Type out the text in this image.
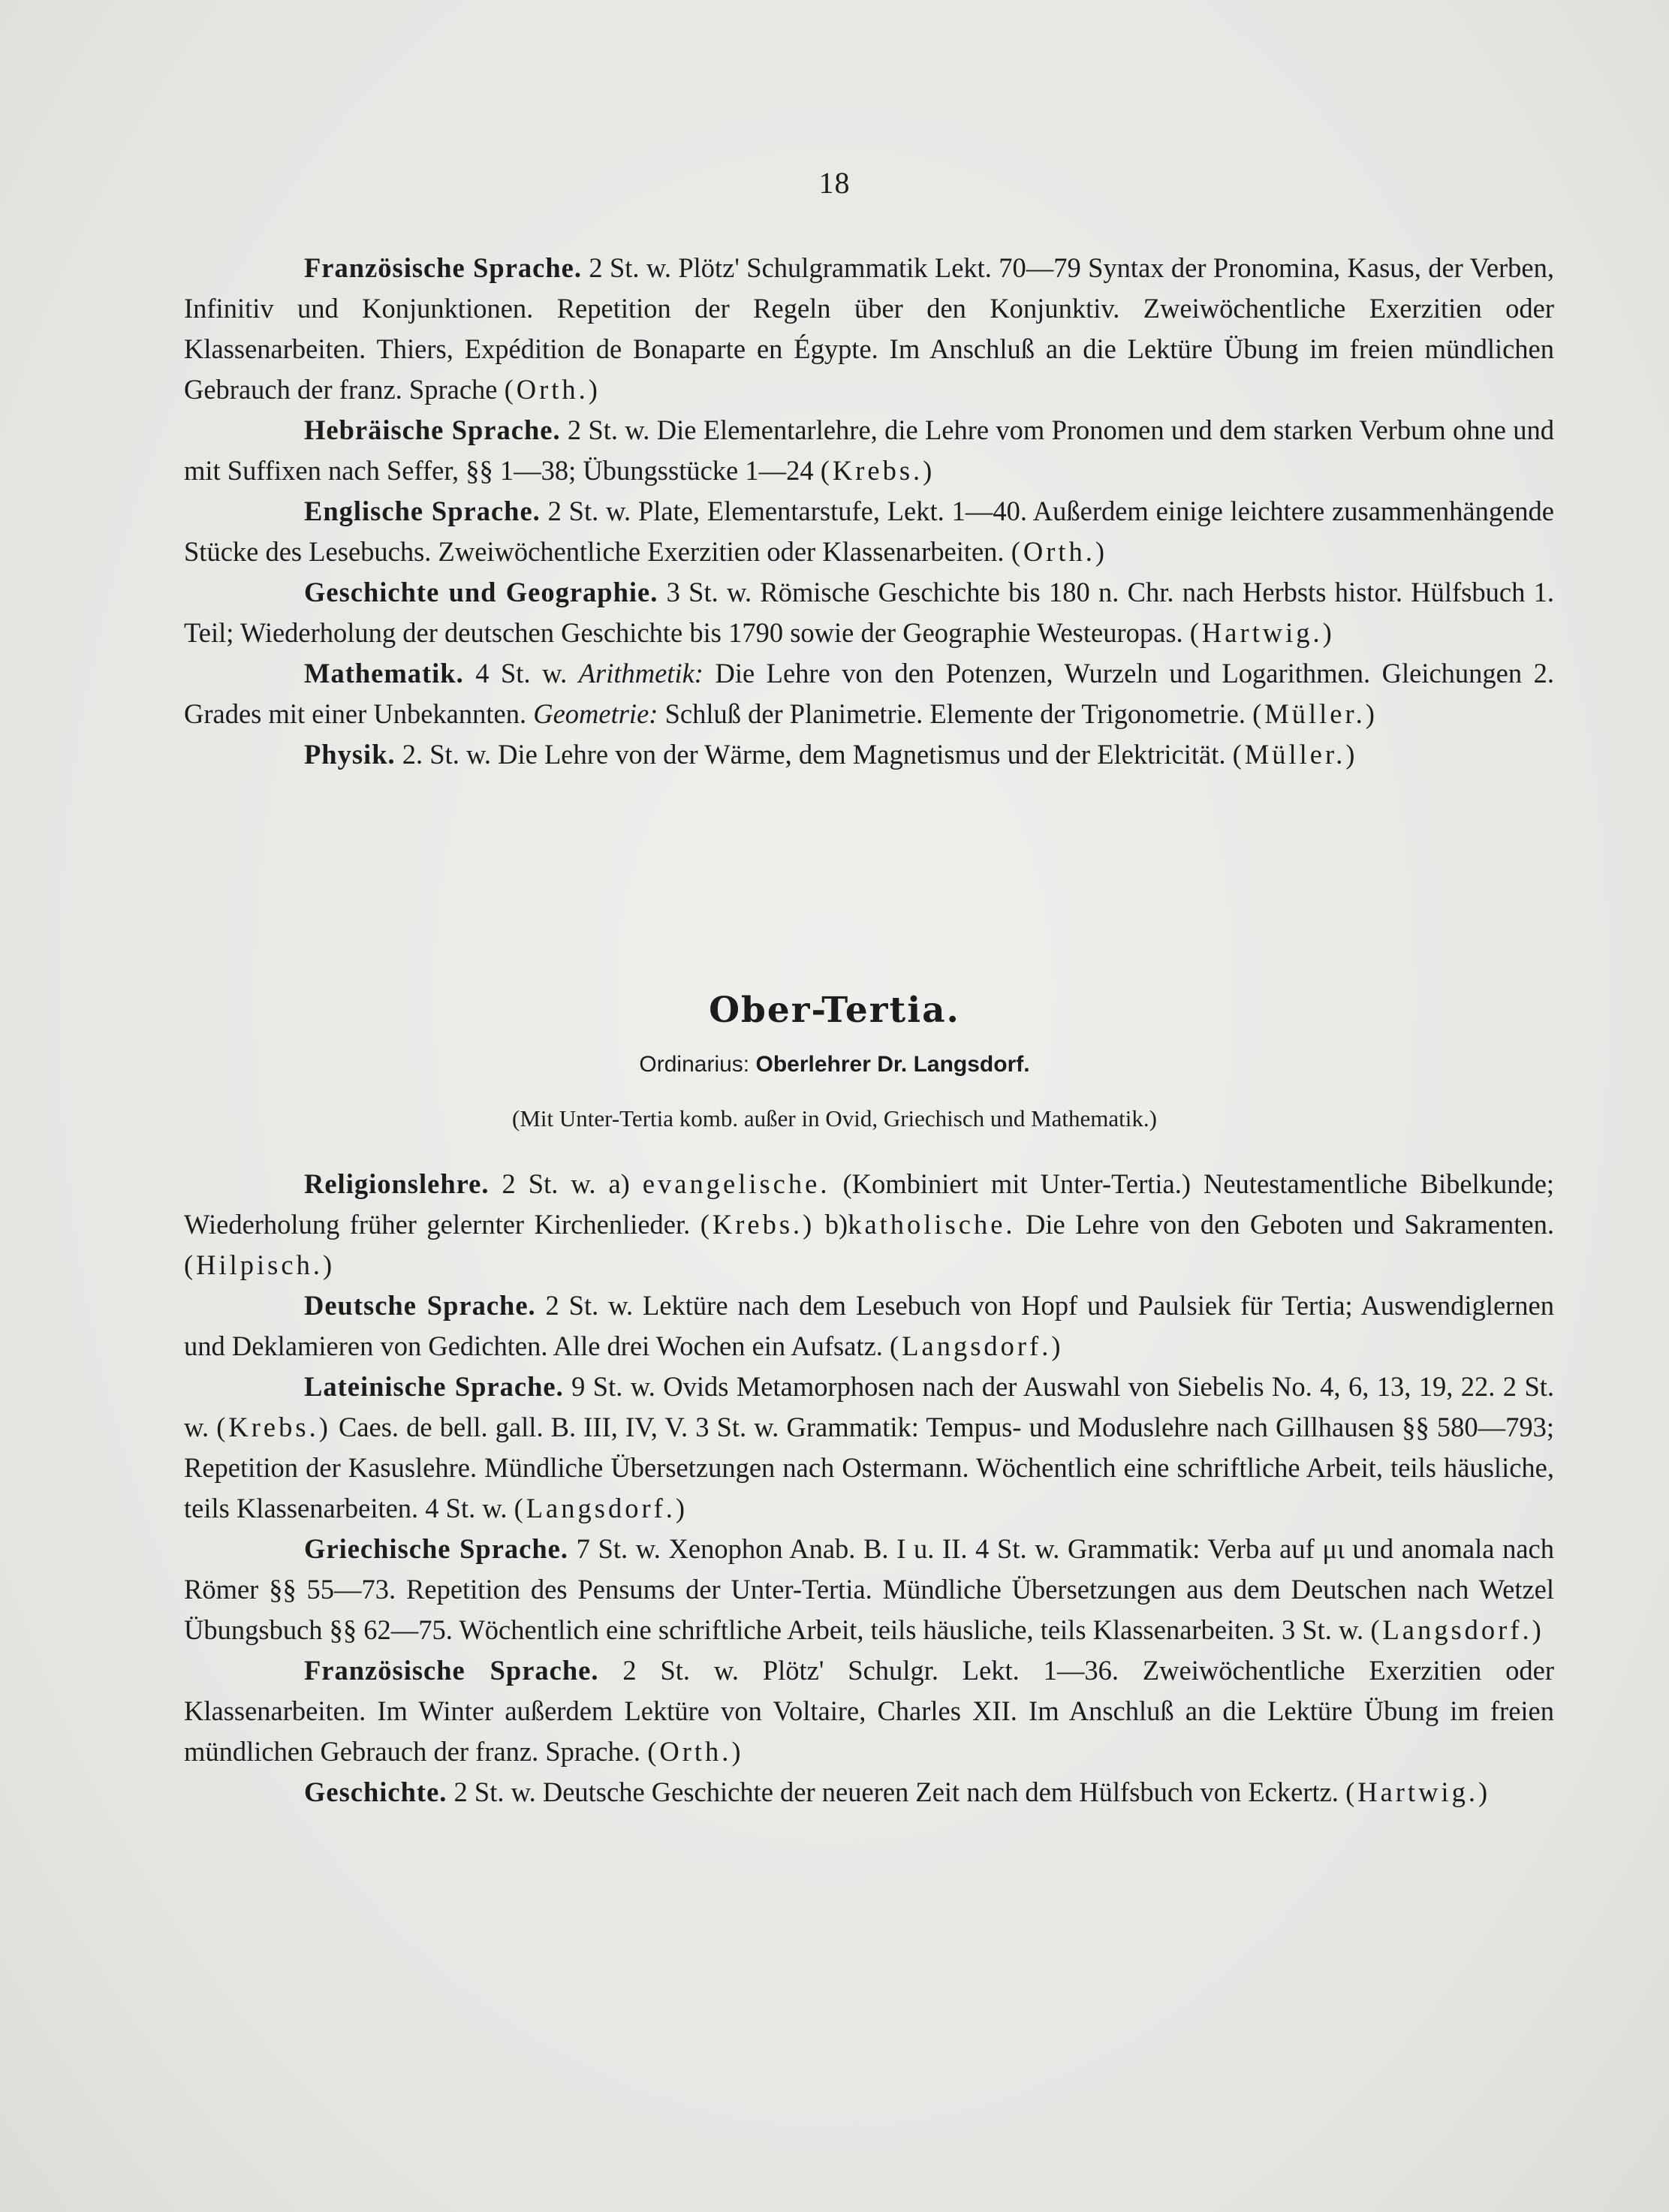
18

Französische Sprache. 2 St. w. Plötz' Schulgrammatik Lekt. 70—79 Syntax der Pronomina, Kasus, der Verben, Infinitiv und Konjunktionen. Repetition der Regeln über den Konjunktiv. Zweiwöchentliche Exerzitien oder Klassenarbeiten. Thiers, Expédition de Bonaparte en Égypte. Im Anschluß an die Lektüre Übung im freien mündlichen Gebrauch der franz. Sprache (Orth.)

Hebräische Sprache. 2 St. w. Die Elementarlehre, die Lehre vom Pronomen und dem starken Verbum ohne und mit Suffixen nach Seffer, §§ 1—38; Übungsstücke 1—24 (Krebs.)

Englische Sprache. 2 St. w. Plate, Elementarstufe, Lekt. 1—40. Außerdem einige leichtere zusammenhängende Stücke des Lesebuchs. Zweiwöchentliche Exerzitien oder Klassenarbeiten. (Orth.)

Geschichte und Geographie. 3 St. w. Römische Geschichte bis 180 n. Chr. nach Herbsts histor. Hülfsbuch 1. Teil; Wiederholung der deutschen Geschichte bis 1790 sowie der Geographie Westeuropas. (Hartwig.)

Mathematik. 4 St. w. Arithmetik: Die Lehre von den Potenzen, Wurzeln und Logarithmen. Gleichungen 2. Grades mit einer Unbekannten. Geometrie: Schluß der Planimetrie. Elemente der Trigonometrie. (Müller.)

Physik. 2. St. w. Die Lehre von der Wärme, dem Magnetismus und der Elektricität. (Müller.)

Ober-Tertia.
Ordinarius: Oberlehrer Dr. Langsdorf.
(Mit Unter-Tertia komb. außer in Ovid, Griechisch und Mathematik.)

Religionslehre. 2 St. w. a) evangelische. (Kombiniert mit Unter-Tertia.) Neutestamentliche Bibelkunde; Wiederholung früher gelernter Kirchenlieder. (Krebs.) b)katholische. Die Lehre von den Geboten und Sakramenten. (Hilpisch.)

Deutsche Sprache. 2 St. w. Lektüre nach dem Lesebuch von Hopf und Paulsiek für Tertia; Auswendiglernen und Deklamieren von Gedichten. Alle drei Wochen ein Aufsatz. (Langsdorf.)

Lateinische Sprache. 9 St. w. Ovids Metamorphosen nach der Auswahl von Siebelis No. 4, 6, 13, 19, 22. 2 St. w. (Krebs.) Caes. de bell. gall. B. III, IV, V. 3 St. w. Grammatik: Tempus- und Moduslehre nach Gillhausen §§ 580—793; Repetition der Kasuslehre. Mündliche Übersetzungen nach Ostermann. Wöchentlich eine schriftliche Arbeit, teils häusliche, teils Klassenarbeiten. 4 St. w. (Langsdorf.)

Griechische Sprache. 7 St. w. Xenophon Anab. B. I u. II. 4 St. w. Grammatik: Verba auf μι und anomala nach Römer §§ 55—73. Repetition des Pensums der Unter-Tertia. Mündliche Übersetzungen aus dem Deutschen nach Wetzel Übungsbuch §§ 62—75. Wöchentlich eine schriftliche Arbeit, teils häusliche, teils Klassenarbeiten. 3 St. w. (Langsdorf.)

Französische Sprache. 2 St. w. Plötz' Schulgr. Lekt. 1—36. Zweiwöchentliche Exerzitien oder Klassenarbeiten. Im Winter außerdem Lektüre von Voltaire, Charles XII. Im Anschluß an die Lektüre Übung im freien mündlichen Gebrauch der franz. Sprache. (Orth.)

Geschichte. 2 St. w. Deutsche Geschichte der neueren Zeit nach dem Hülfsbuch von Eckertz. (Hartwig.)
